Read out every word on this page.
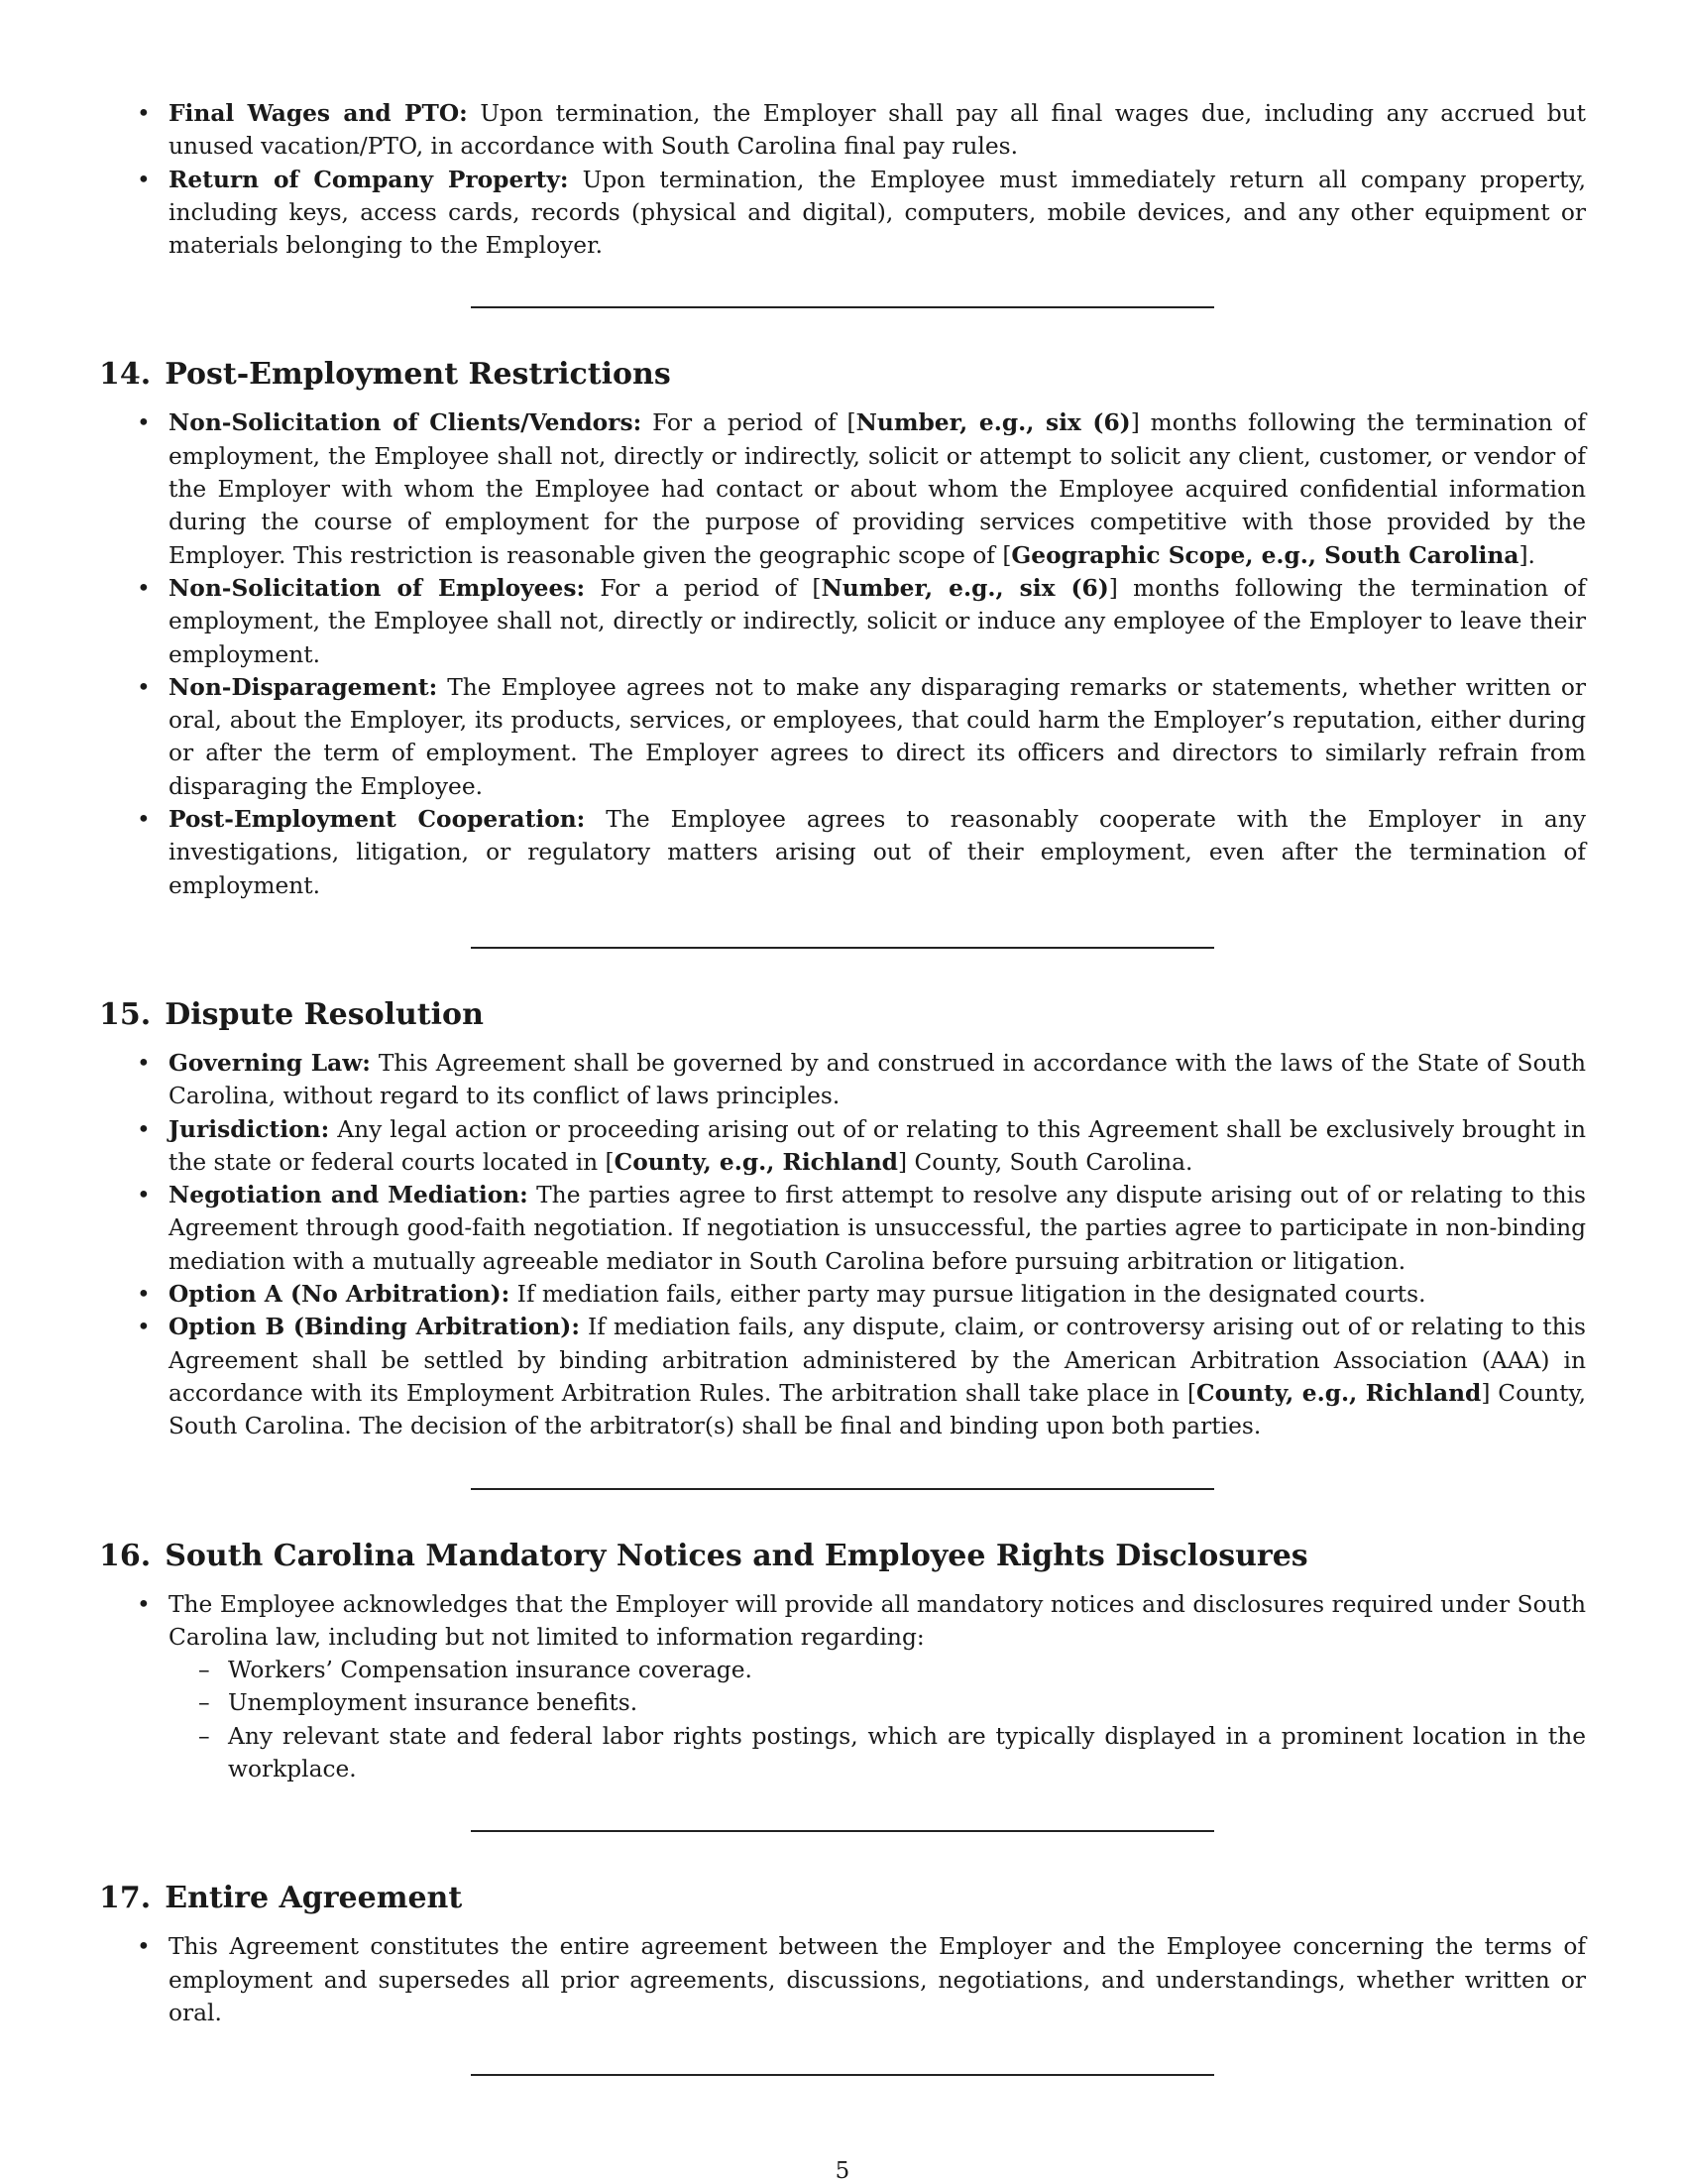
• Final Wages and PTO: Upon termination, the Employer shall pay all final wages due, including any accrued but unused vacation/PTO, in accordance with South Carolina final pay rules.
• Return of Company Property: Upon termination, the Employee must immediately return all company property, including keys, access cards, records (physical and digital), computers, mobile devices, and any other equipment or materials belonging to the Employer.
14. Post-Employment Restrictions
• Non-Solicitation of Clients/Vendors: For a period of [Number, e.g., six (6)] months following the termination of employment, the Employee shall not, directly or indirectly, solicit or attempt to solicit any client, customer, or vendor of the Employer with whom the Employee had contact or about whom the Employee acquired confidential information during the course of employment for the purpose of providing services competitive with those provided by the Employer. This restriction is reasonable given the geographic scope of [Geographic Scope, e.g., South Carolina].
• Non-Solicitation of Employees: For a period of [Number, e.g., six (6)] months following the termination of employment, the Employee shall not, directly or indirectly, solicit or induce any employee of the Employer to leave their employment.
• Non-Disparagement: The Employee agrees not to make any disparaging remarks or statements, whether written or oral, about the Employer, its products, services, or employees, that could harm the Employer’s reputation, either during or after the term of employment. The Employer agrees to direct its officers and directors to similarly refrain from disparaging the Employee.
• Post-Employment Cooperation: The Employee agrees to reasonably cooperate with the Employer in any investigations, litigation, or regulatory matters arising out of their employment, even after the termination of employment.
15. Dispute Resolution
• Governing Law: This Agreement shall be governed by and construed in accordance with the laws of the State of South Carolina, without regard to its conflict of laws principles.
• Jurisdiction: Any legal action or proceeding arising out of or relating to this Agreement shall be exclusively brought in the state or federal courts located in [County, e.g., Richland] County, South Carolina.
• Negotiation and Mediation: The parties agree to first attempt to resolve any dispute arising out of or relating to this Agreement through good-faith negotiation. If negotiation is unsuccessful, the parties agree to participate in non-binding mediation with a mutually agreeable mediator in South Carolina before pursuing arbitration or litigation.
• Option A (No Arbitration): If mediation fails, either party may pursue litigation in the designated courts.
• Option B (Binding Arbitration): If mediation fails, any dispute, claim, or controversy arising out of or relating to this Agreement shall be settled by binding arbitration administered by the American Arbitration Association (AAA) in accordance with its Employment Arbitration Rules. The arbitration shall take place in [County, e.g., Richland] County, South Carolina. The decision of the arbitrator(s) shall be final and binding upon both parties.
16. South Carolina Mandatory Notices and Employee Rights Disclosures
• The Employee acknowledges that the Employer will provide all mandatory notices and disclosures required under South Carolina law, including but not limited to information regarding:
– Workers’ Compensation insurance coverage.
– Unemployment insurance benefits.
– Any relevant state and federal labor rights postings, which are typically displayed in a prominent location in the workplace.
17. Entire Agreement
• This Agreement constitutes the entire agreement between the Employer and the Employee concerning the terms of employment and supersedes all prior agreements, discussions, negotiations, and understandings, whether written or oral.
5
